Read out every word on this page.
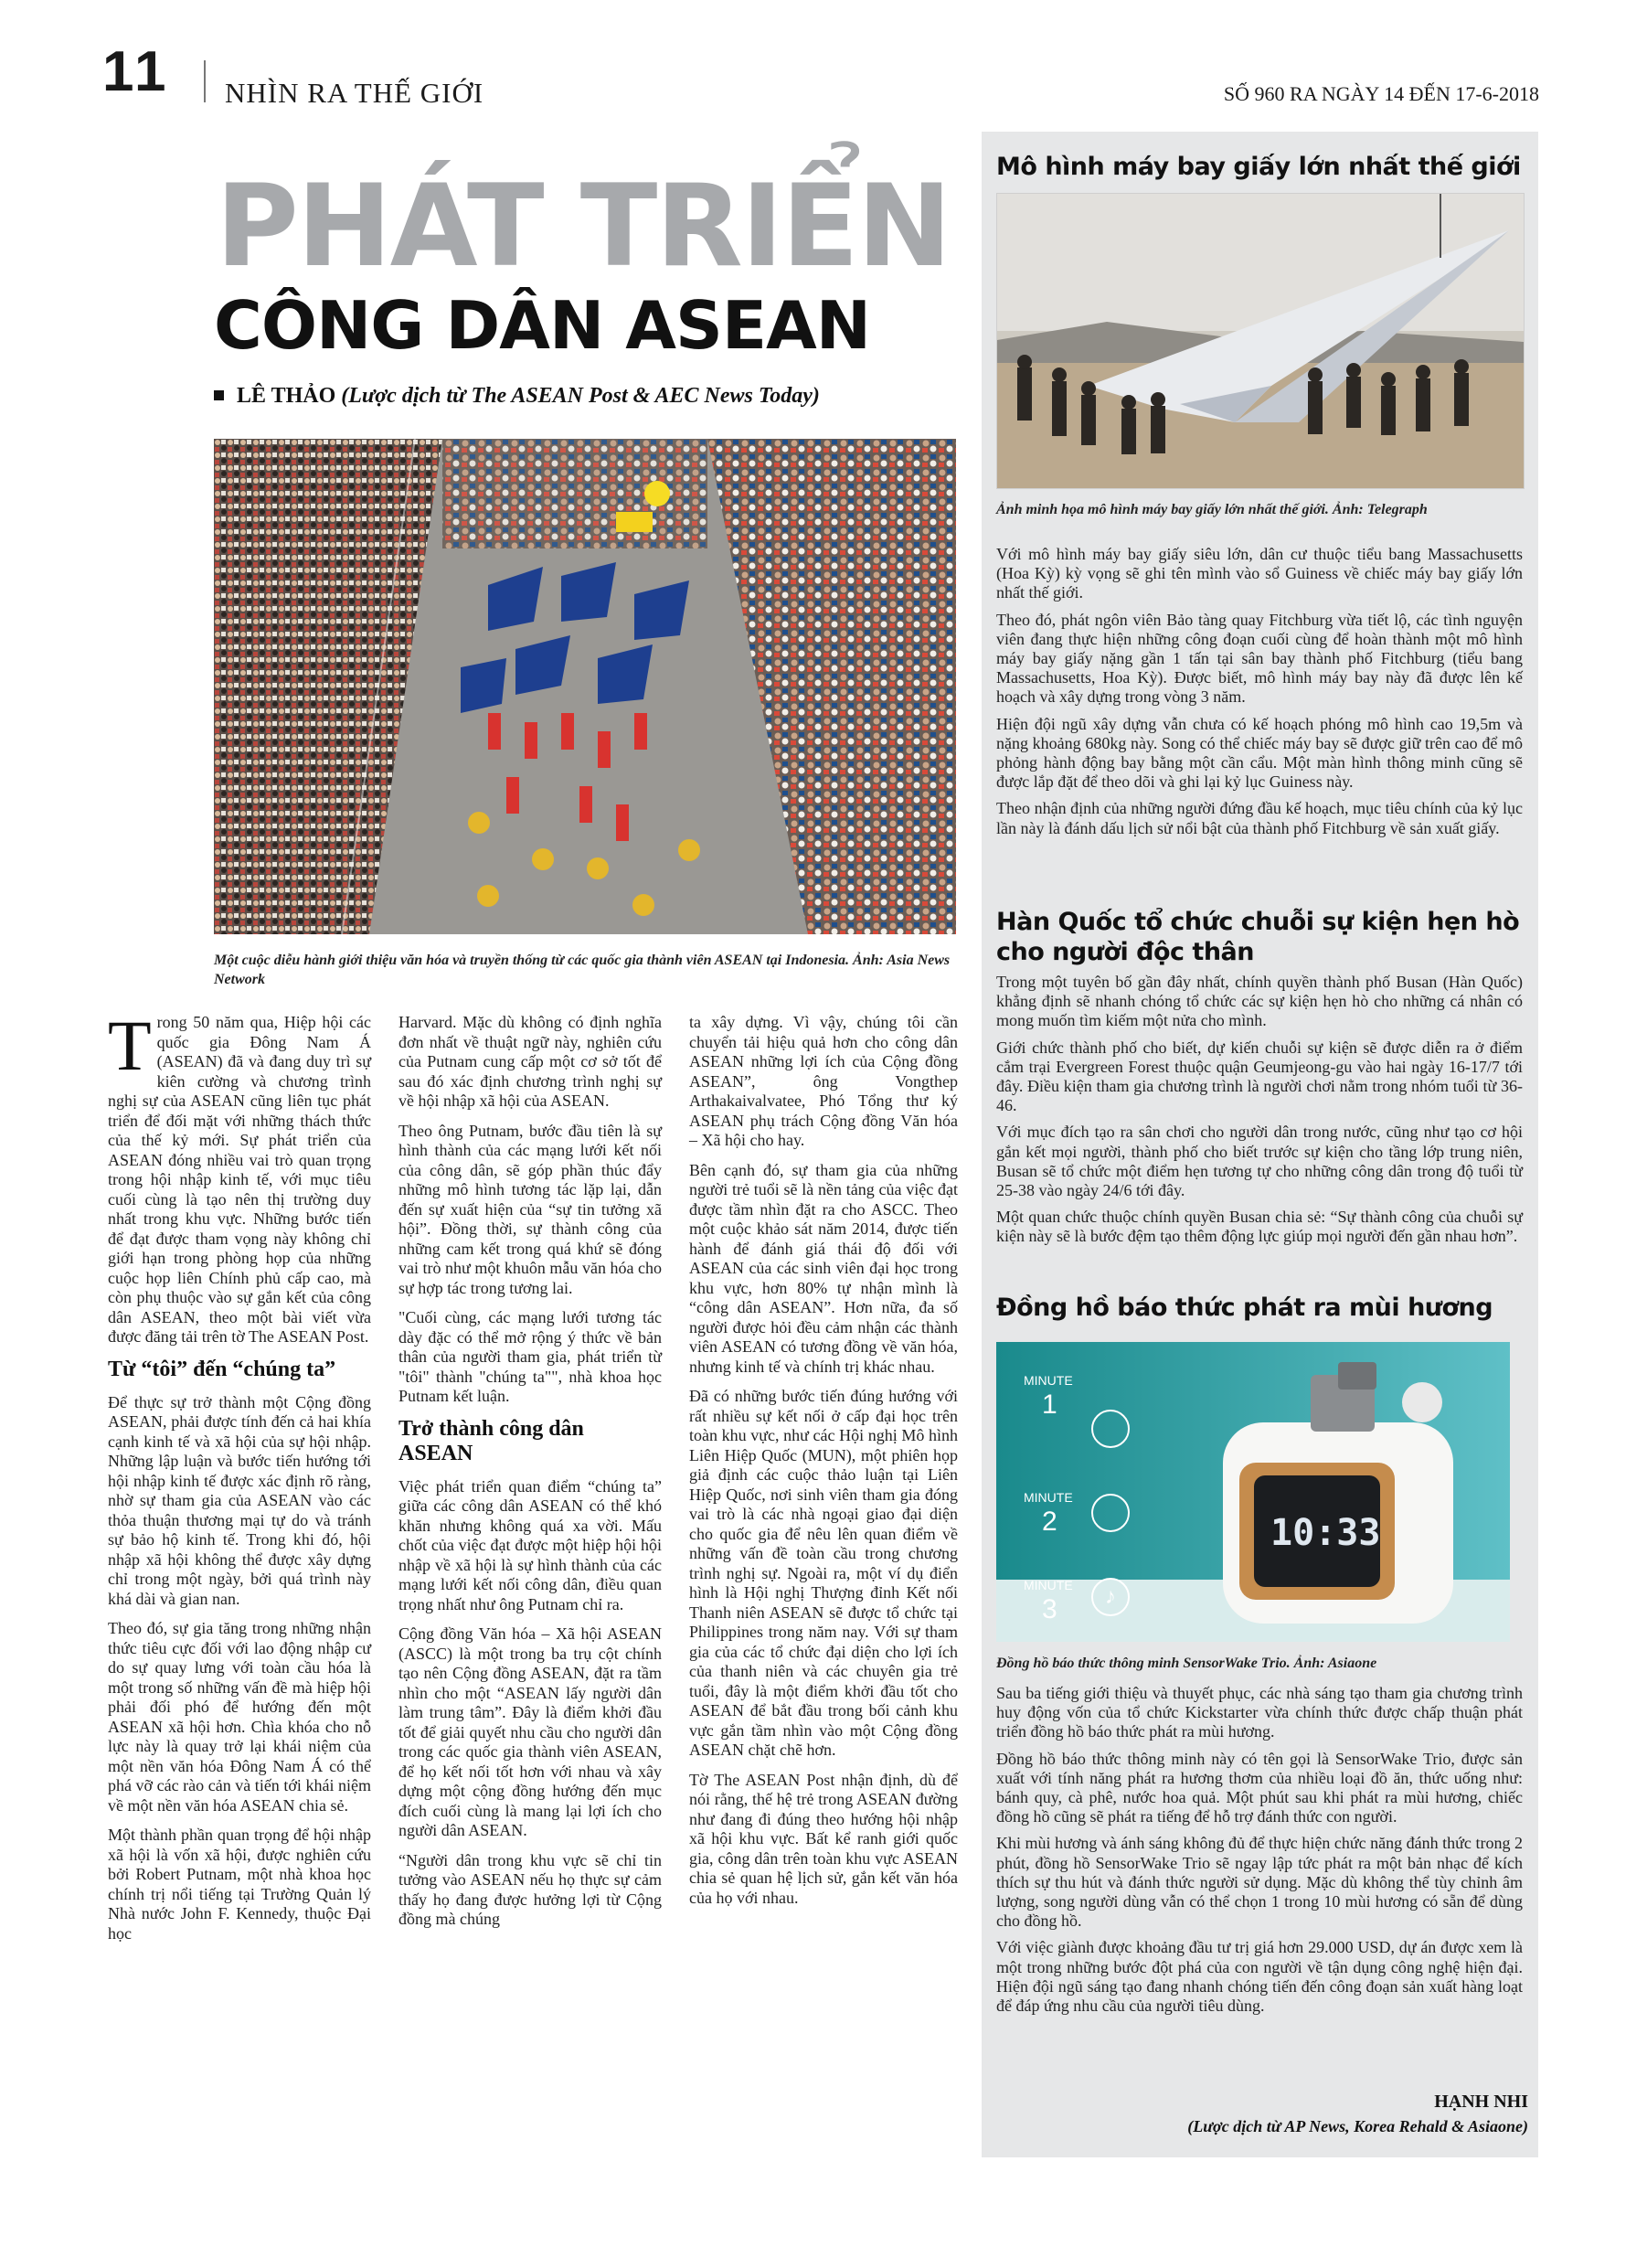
11 NHÌN RA THẾ GIỚI	SỐ 960 RA NGÀY 14 ĐẾN 17-6-2018
PHÁT TRIỂN
CÔNG DÂN ASEAN
LÊ THẢO (Lược dịch từ The ASEAN Post & AEC News Today)
Một cuộc diễu hành giới thiệu văn hóa và truyền thống từ các quốc gia thành viên ASEAN tại Indonesia. Ảnh: Asia News Network

Trong 50 năm qua, Hiệp hội các quốc gia Đông Nam Á (ASEAN) đã và đang duy trì sự kiên cường và chương trình nghị sự của ASEAN cũng liên tục phát triển để đối mặt với những thách thức của thế kỷ mới. Sự phát triển của ASEAN đóng nhiều vai trò quan trọng trong hội nhập kinh tế, với mục tiêu cuối cùng là tạo nên thị trường duy nhất trong khu vực. Những bước tiến để đạt được tham vọng này không chỉ giới hạn trong phòng họp của những cuộc họp liên Chính phủ cấp cao, mà còn phụ thuộc vào sự gắn kết của công dân ASEAN, theo một bài viết vừa được đăng tải trên tờ The ASEAN Post.

Từ “tôi” đến “chúng ta”

Để thực sự trở thành một Cộng đồng ASEAN, phải được tính đến cả hai khía cạnh kinh tế và xã hội của sự hội nhập. Những lập luận và bước tiến hướng tới hội nhập kinh tế được xác định rõ ràng, nhờ sự tham gia của ASEAN vào các thỏa thuận thương mại tự do và tránh sự bảo hộ kinh tế. Trong khi đó, hội nhập xã hội không thể được xây dựng chỉ trong một ngày, bởi quá trình này khá dài và gian nan.

Theo đó, sự gia tăng trong những nhận thức tiêu cực đối với lao động nhập cư do sự quay lưng với toàn cầu hóa là một trong số những vấn đề mà hiệp hội phải đối phó để hướng đến một ASEAN xã hội hơn. Chìa khóa cho nỗ lực này là quay trở lại khái niệm của một nền văn hóa Đông Nam Á có thể phá vỡ các rào cản và tiến tới khái niệm về một nền văn hóa ASEAN chia sẻ.

Một thành phần quan trọng để hội nhập xã hội là vốn xã hội, được nghiên cứu bởi Robert Putnam, một nhà khoa học chính trị nổi tiếng tại Trường Quản lý Nhà nước John F. Kennedy, thuộc Đại học

Harvard. Mặc dù không có định nghĩa đơn nhất về thuật ngữ này, nghiên cứu của Putnam cung cấp một cơ sở tốt để sau đó xác định chương trình nghị sự về hội nhập xã hội của ASEAN.

Theo ông Putnam, bước đầu tiên là sự hình thành của các mạng lưới kết nối của công dân, sẽ góp phần thúc đẩy những mô hình tương tác lặp lại, dẫn đến sự xuất hiện của “sự tin tưởng xã hội”. Đồng thời, sự thành công của những cam kết trong quá khứ sẽ đóng vai trò như một khuôn mẫu văn hóa cho sự hợp tác trong tương lai.

"Cuối cùng, các mạng lưới tương tác dày đặc có thể mở rộng ý thức về bản thân của người tham gia, phát triển từ "tôi" thành "chúng ta"", nhà khoa học Putnam kết luận.

Trở thành công dân ASEAN

Việc phát triển quan điểm “chúng ta” giữa các công dân ASEAN có thể khó khăn nhưng không quá xa vời. Mấu chốt của việc đạt được một hiệp hội hội nhập về xã hội là sự hình thành của các mạng lưới kết nối công dân, điều quan trọng nhất như ông Putnam chỉ ra.

Cộng đồng Văn hóa – Xã hội ASEAN (ASCC) là một trong ba trụ cột chính tạo nên Cộng đồng ASEAN, đặt ra tầm nhìn cho một “ASEAN lấy người dân làm trung tâm”. Đây là điểm khởi đầu tốt để giải quyết nhu cầu cho người dân trong các quốc gia thành viên ASEAN, để họ kết nối tốt hơn với nhau và xây dựng một cộng đồng hướng đến mục đích cuối cùng là mang lại lợi ích cho người dân ASEAN.

“Người dân trong khu vực sẽ chỉ tin tưởng vào ASEAN nếu họ thực sự cảm thấy họ đang được hưởng lợi từ Cộng đồng mà chúng

ta xây dựng. Vì vậy, chúng tôi cần chuyển tải hiệu quả hơn cho công dân ASEAN những lợi ích của Cộng đồng ASEAN”, ông Vongthep Arthakaivalvatee, Phó Tổng thư ký ASEAN phụ trách Cộng đồng Văn hóa – Xã hội cho hay.

Bên cạnh đó, sự tham gia của những người trẻ tuổi sẽ là nền tảng của việc đạt được tầm nhìn đặt ra cho ASCC. Theo một cuộc khảo sát năm 2014, được tiến hành để đánh giá thái độ đối với ASEAN của các sinh viên đại học trong khu vực, hơn 80% tự nhận mình là “công dân ASEAN”. Hơn nữa, đa số người được hỏi đều cảm nhận các thành viên ASEAN có tương đồng về văn hóa, nhưng kinh tế và chính trị khác nhau.

Đã có những bước tiến đúng hướng với rất nhiều sự kết nối ở cấp đại học trên toàn khu vực, như các Hội nghị Mô hình Liên Hiệp Quốc (MUN), một phiên họp giả định các cuộc thảo luận tại Liên Hiệp Quốc, nơi sinh viên tham gia đóng vai trò là các nhà ngoại giao đại diện cho quốc gia để nêu lên quan điểm về những vấn đề toàn cầu trong chương trình nghị sự. Ngoài ra, một ví dụ điển hình là Hội nghị Thượng đỉnh Kết nối Thanh niên ASEAN sẽ được tổ chức tại Philippines trong năm nay. Với sự tham gia của các tổ chức đại diện cho lợi ích của thanh niên và các chuyên gia trẻ tuổi, đây là một điểm khởi đầu tốt cho ASEAN để bắt đầu trong bối cảnh khu vực gắn tầm nhìn vào một Cộng đồng ASEAN chặt chẽ hơn.

Tờ The ASEAN Post nhận định, dù để nói rằng, thế hệ trẻ trong ASEAN đường như đang đi đúng theo hướng hội nhập xã hội khu vực. Bất kể ranh giới quốc gia, công dân trên toàn khu vực ASEAN chia sẻ quan hệ lịch sử, gắn kết văn hóa của họ với nhau.

Mô hình máy bay giấy lớn nhất thế giới
Ảnh minh họa mô hình máy bay giấy lớn nhất thế giới. Ảnh: Telegraph

Với mô hình máy bay giấy siêu lớn, dân cư thuộc tiểu bang Massachusetts (Hoa Kỳ) kỳ vọng sẽ ghi tên mình vào sổ Guiness về chiếc máy bay giấy lớn nhất thế giới.

Theo đó, phát ngôn viên Bảo tàng quay Fitchburg vừa tiết lộ, các tình nguyện viên đang thực hiện những công đoạn cuối cùng để hoàn thành một mô hình máy bay giấy nặng gần 1 tấn tại sân bay thành phố Fitchburg (tiểu bang Massachusetts, Hoa Kỳ). Được biết, mô hình máy bay này đã được lên kế hoạch và xây dựng trong vòng 3 năm.

Hiện đội ngũ xây dựng vẫn chưa có kế hoạch phóng mô hình cao 19,5m và nặng khoảng 680kg này. Song có thể chiếc máy bay sẽ được giữ trên cao để mô phỏng hành động bay bằng một cần cẩu. Một màn hình thông minh cũng sẽ được lắp đặt để theo dõi và ghi lại kỷ lục Guiness này.

Theo nhận định của những người đứng đầu kế hoạch, mục tiêu chính của kỷ lục lần này là đánh dấu lịch sử nổi bật của thành phố Fitchburg về sản xuất giấy.

Hàn Quốc tổ chức chuỗi sự kiện hẹn hò
cho người độc thân

Trong một tuyên bố gần đây nhất, chính quyền thành phố Busan (Hàn Quốc) khẳng định sẽ nhanh chóng tổ chức các sự kiện hẹn hò cho những cá nhân có mong muốn tìm kiếm một nửa cho mình.

Giới chức thành phố cho biết, dự kiến chuỗi sự kiện sẽ được diễn ra ở điểm cắm trại Evergreen Forest thuộc quận Geumjeong-gu vào hai ngày 16-17/7 tới đây. Điều kiện tham gia chương trình là người chơi nằm trong nhóm tuổi từ 36-46.

Với mục đích tạo ra sân chơi cho người dân trong nước, cũng như tạo cơ hội gắn kết mọi người, thành phố cho biết trước sự kiện cho tầng lớp trung niên, Busan sẽ tổ chức một điểm hẹn tương tự cho những công dân trong độ tuổi từ 25-38 vào ngày 24/6 tới đây.

Một quan chức thuộc chính quyền Busan chia sẻ: “Sự thành công của chuỗi sự kiện này sẽ là bước đệm tạo thêm động lực giúp mọi người đến gần nhau hơn”.

Đồng hồ báo thức phát ra mùi hương
MINUTE
1
MINUTE
2
MINUTE
3	♪
10:33
Đồng hồ báo thức thông minh SensorWake Trio. Ảnh: Asiaone

Sau ba tiếng giới thiệu và thuyết phục, các nhà sáng tạo tham gia chương trình huy động vốn của tổ chức Kickstarter vừa chính thức được chấp thuận phát triển đồng hồ báo thức phát ra mùi hương.

Đồng hồ báo thức thông minh này có tên gọi là SensorWake Trio, được sản xuất với tính năng phát ra hương thơm của nhiều loại đồ ăn, thức uống như: bánh quy, cà phê, nước hoa quả. Một phút sau khi phát ra mùi hương, chiếc đồng hồ cũng sẽ phát ra tiếng để hỗ trợ đánh thức con người.

Khi mùi hương và ánh sáng không đủ để thực hiện chức năng đánh thức trong 2 phút, đồng hồ SensorWake Trio sẽ ngay lập tức phát ra một bản nhạc để kích thích sự thu hút và đánh thức người sử dụng. Mặc dù không thể tùy chỉnh âm lượng, song người dùng vẫn có thể chọn 1 trong 10 mùi hương có sẵn để dùng cho đồng hồ.

Với việc giành được khoảng đầu tư trị giá hơn 29.000 USD, dự án được xem là một trong những bước đột phá của con người về tận dụng công nghệ hiện đại. Hiện đội ngũ sáng tạo đang nhanh chóng tiến đến công đoạn sản xuất hàng loạt để đáp ứng nhu cầu của người tiêu dùng.

HẠNH NHI
(Lược dịch từ AP News, Korea Rehald & Asiaone)
